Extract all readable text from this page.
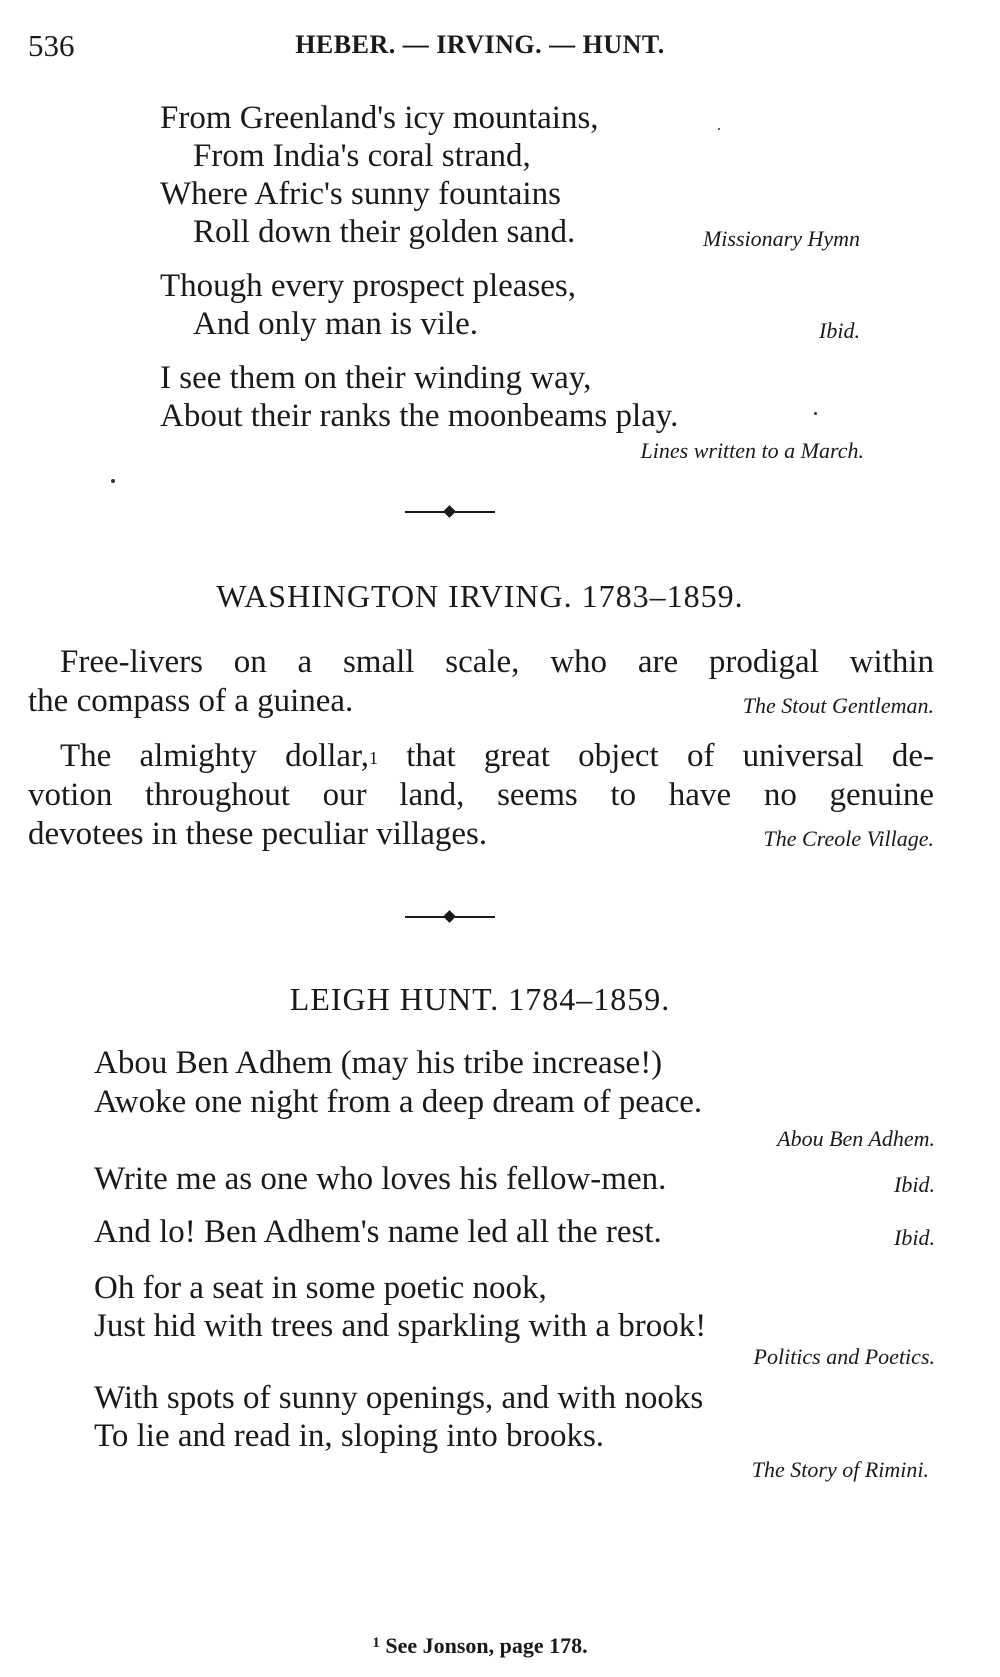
536	HEBER. — IRVING. — HUNT.
From Greenland's icy mountains,
From India's coral strand,
Where Afric's sunny fountains
Roll down their golden sand.	Missionary Hymn
Though every prospect pleases,
And only man is vile.	Ibid.
I see them on their winding way,
About their ranks the moonbeams play.
Lines written to a March.
WASHINGTON IRVING. 1783–1859.
Free-livers on a small scale, who are prodigal within
the compass of a guinea.	The Stout Gentleman.
The almighty dollar,$^1$ that great object of universal de-
votion throughout our land, seems to have no genuine
devotees in these peculiar villages.	The Creole Village.
LEIGH HUNT. 1784–1859.
Abou Ben Adhem (may his tribe increase!)
Awoke one night from a deep dream of peace.
Abou Ben Adhem.
Write me as one who loves his fellow-men.	Ibid.
And lo! Ben Adhem's name led all the rest.	Ibid.
Oh for a seat in some poetic nook,
Just hid with trees and sparkling with a brook!
Politics and Poetics.
With spots of sunny openings, and with nooks
To lie and read in, sloping into brooks.
The Story of Rimini.
$^1$ See Jonson, page 178.
